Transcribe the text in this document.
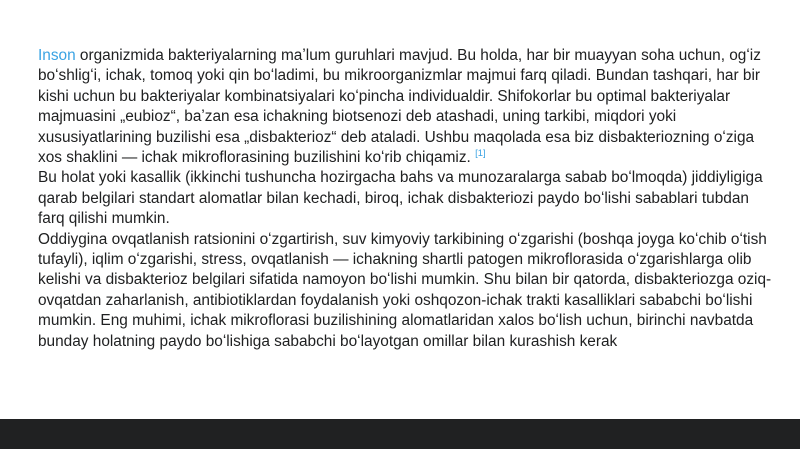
Inson organizmida bakteriyalarning maʼlum guruhlari mavjud. Bu holda, har bir muayyan soha uchun, ogʻiz boʻshligʻi, ichak, tomoq yoki qin boʻladimi, bu mikroorganizmlar majmui farq qiladi. Bundan tashqari, har bir kishi uchun bu bakteriyalar kombinatsiyalari koʻpincha individualdir. Shifokorlar bu optimal bakteriyalar majmuasini „eubioz“, baʼzan esa ichakning biotsenozi deb atashadi, uning tarkibi, miqdori yoki xususiyatlarining buzilishi esa „disbakterioz“ deb ataladi. Ushbu maqolada esa biz disbakteriozning oʻziga xos shaklini — ichak mikroflorasining buzilishini koʻrib chiqamiz. [1]

Bu holat yoki kasallik (ikkinchi tushuncha hozirgacha bahs va munozaralarga sabab boʻlmoqda) jiddiyligiga qarab belgilari standart alomatlar bilan kechadi, biroq, ichak disbakteriozi paydo boʻlishi sabablari tubdan farq qilishi mumkin.

Oddiygina ovqatlanish ratsionini oʻzgartirish, suv kimyoviy tarkibining oʻzgarishi (boshqa joyga koʻchib oʻtish tufayli), iqlim oʻzgarishi, stress, ovqatlanish — ichakning shartli patogen mikroflorasida oʻzgarishlarga olib kelishi va disbakterioz belgilari sifatida namoyon boʻlishi mumkin. Shu bilan bir qatorda, disbakteriozga oziq-ovqatdan zaharlanish, antibiotiklardan foydalanish yoki oshqozon-ichak trakti kasalliklari sababchi boʻlishi mumkin. Eng muhimi, ichak mikroflorasi buzilishining alomatlaridan xalos boʻlish uchun, birinchi navbatda bunday holatning paydo boʻlishiga sababchi boʻlayotgan omillar bilan kurashish kerak
